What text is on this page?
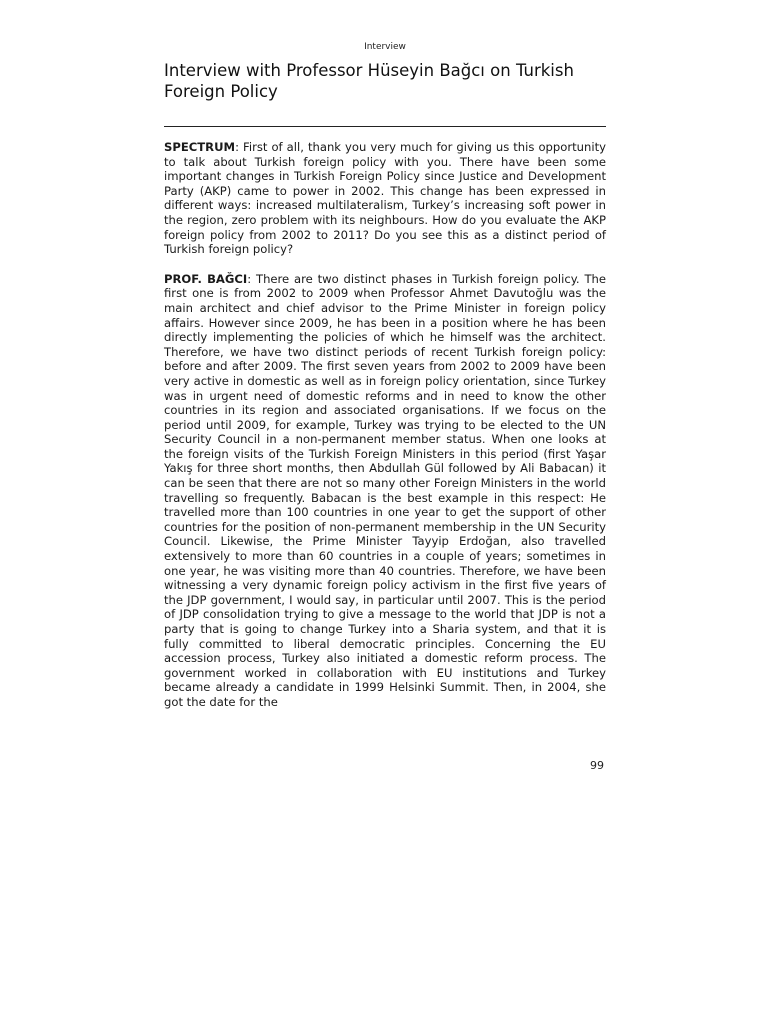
Interview
Interview with Professor Hüseyin Bağcı on Turkish Foreign Policy

SPECTRUM: First of all, thank you very much for giving us this opportunity to talk about Turkish foreign policy with you. There have been some important changes in Turkish Foreign Policy since Justice and Development Party (AKP) came to power in 2002. This change has been expressed in different ways: increased multilateralism, Turkey’s increasing soft power in the region, zero problem with its neighbours. How do you evaluate the AKP foreign policy from 2002 to 2011? Do you see this as a distinct period of Turkish foreign policy?

PROF. BAĞCI: There are two distinct phases in Turkish foreign policy. The first one is from 2002 to 2009 when Professor Ahmet Davutoğlu was the main architect and chief advisor to the Prime Minister in foreign policy affairs. However since 2009, he has been in a position where he has been directly implementing the policies of which he himself was the architect. Therefore, we have two distinct periods of recent Turkish foreign policy: before and after 2009. The first seven years from 2002 to 2009 have been very active in domestic as well as in foreign policy orientation, since Turkey was in urgent need of domestic reforms and in need to know the other countries in its region and associated organisations. If we focus on the period until 2009, for example, Turkey was trying to be elected to the UN Security Council in a non-permanent member status. When one looks at the foreign visits of the Turkish Foreign Ministers in this period (first Yaşar Yakış for three short months, then Abdullah Gül followed by Ali Babacan) it can be seen that there are not so many other Foreign Ministers in the world travelling so frequently. Babacan is the best example in this respect: He travelled more than 100 countries in one year to get the support of other countries for the position of non-permanent membership in the UN Security Council. Likewise, the Prime Minister Tayyip Erdoğan, also travelled extensively to more than 60 countries in a couple of years; sometimes in one year, he was visiting more than 40 countries. Therefore, we have been witnessing a very dynamic foreign policy activism in the first five years of the JDP government, I would say, in particular until 2007. This is the period of JDP consolidation trying to give a message to the world that JDP is not a party that is going to change Turkey into a Sharia system, and that it is fully committed to liberal democratic principles. Concerning the EU accession process, Turkey also initiated a domestic reform process. The government worked in collaboration with EU institutions and Turkey became already a candidate in 1999 Helsinki Summit. Then, in 2004, she got the date for the

99
